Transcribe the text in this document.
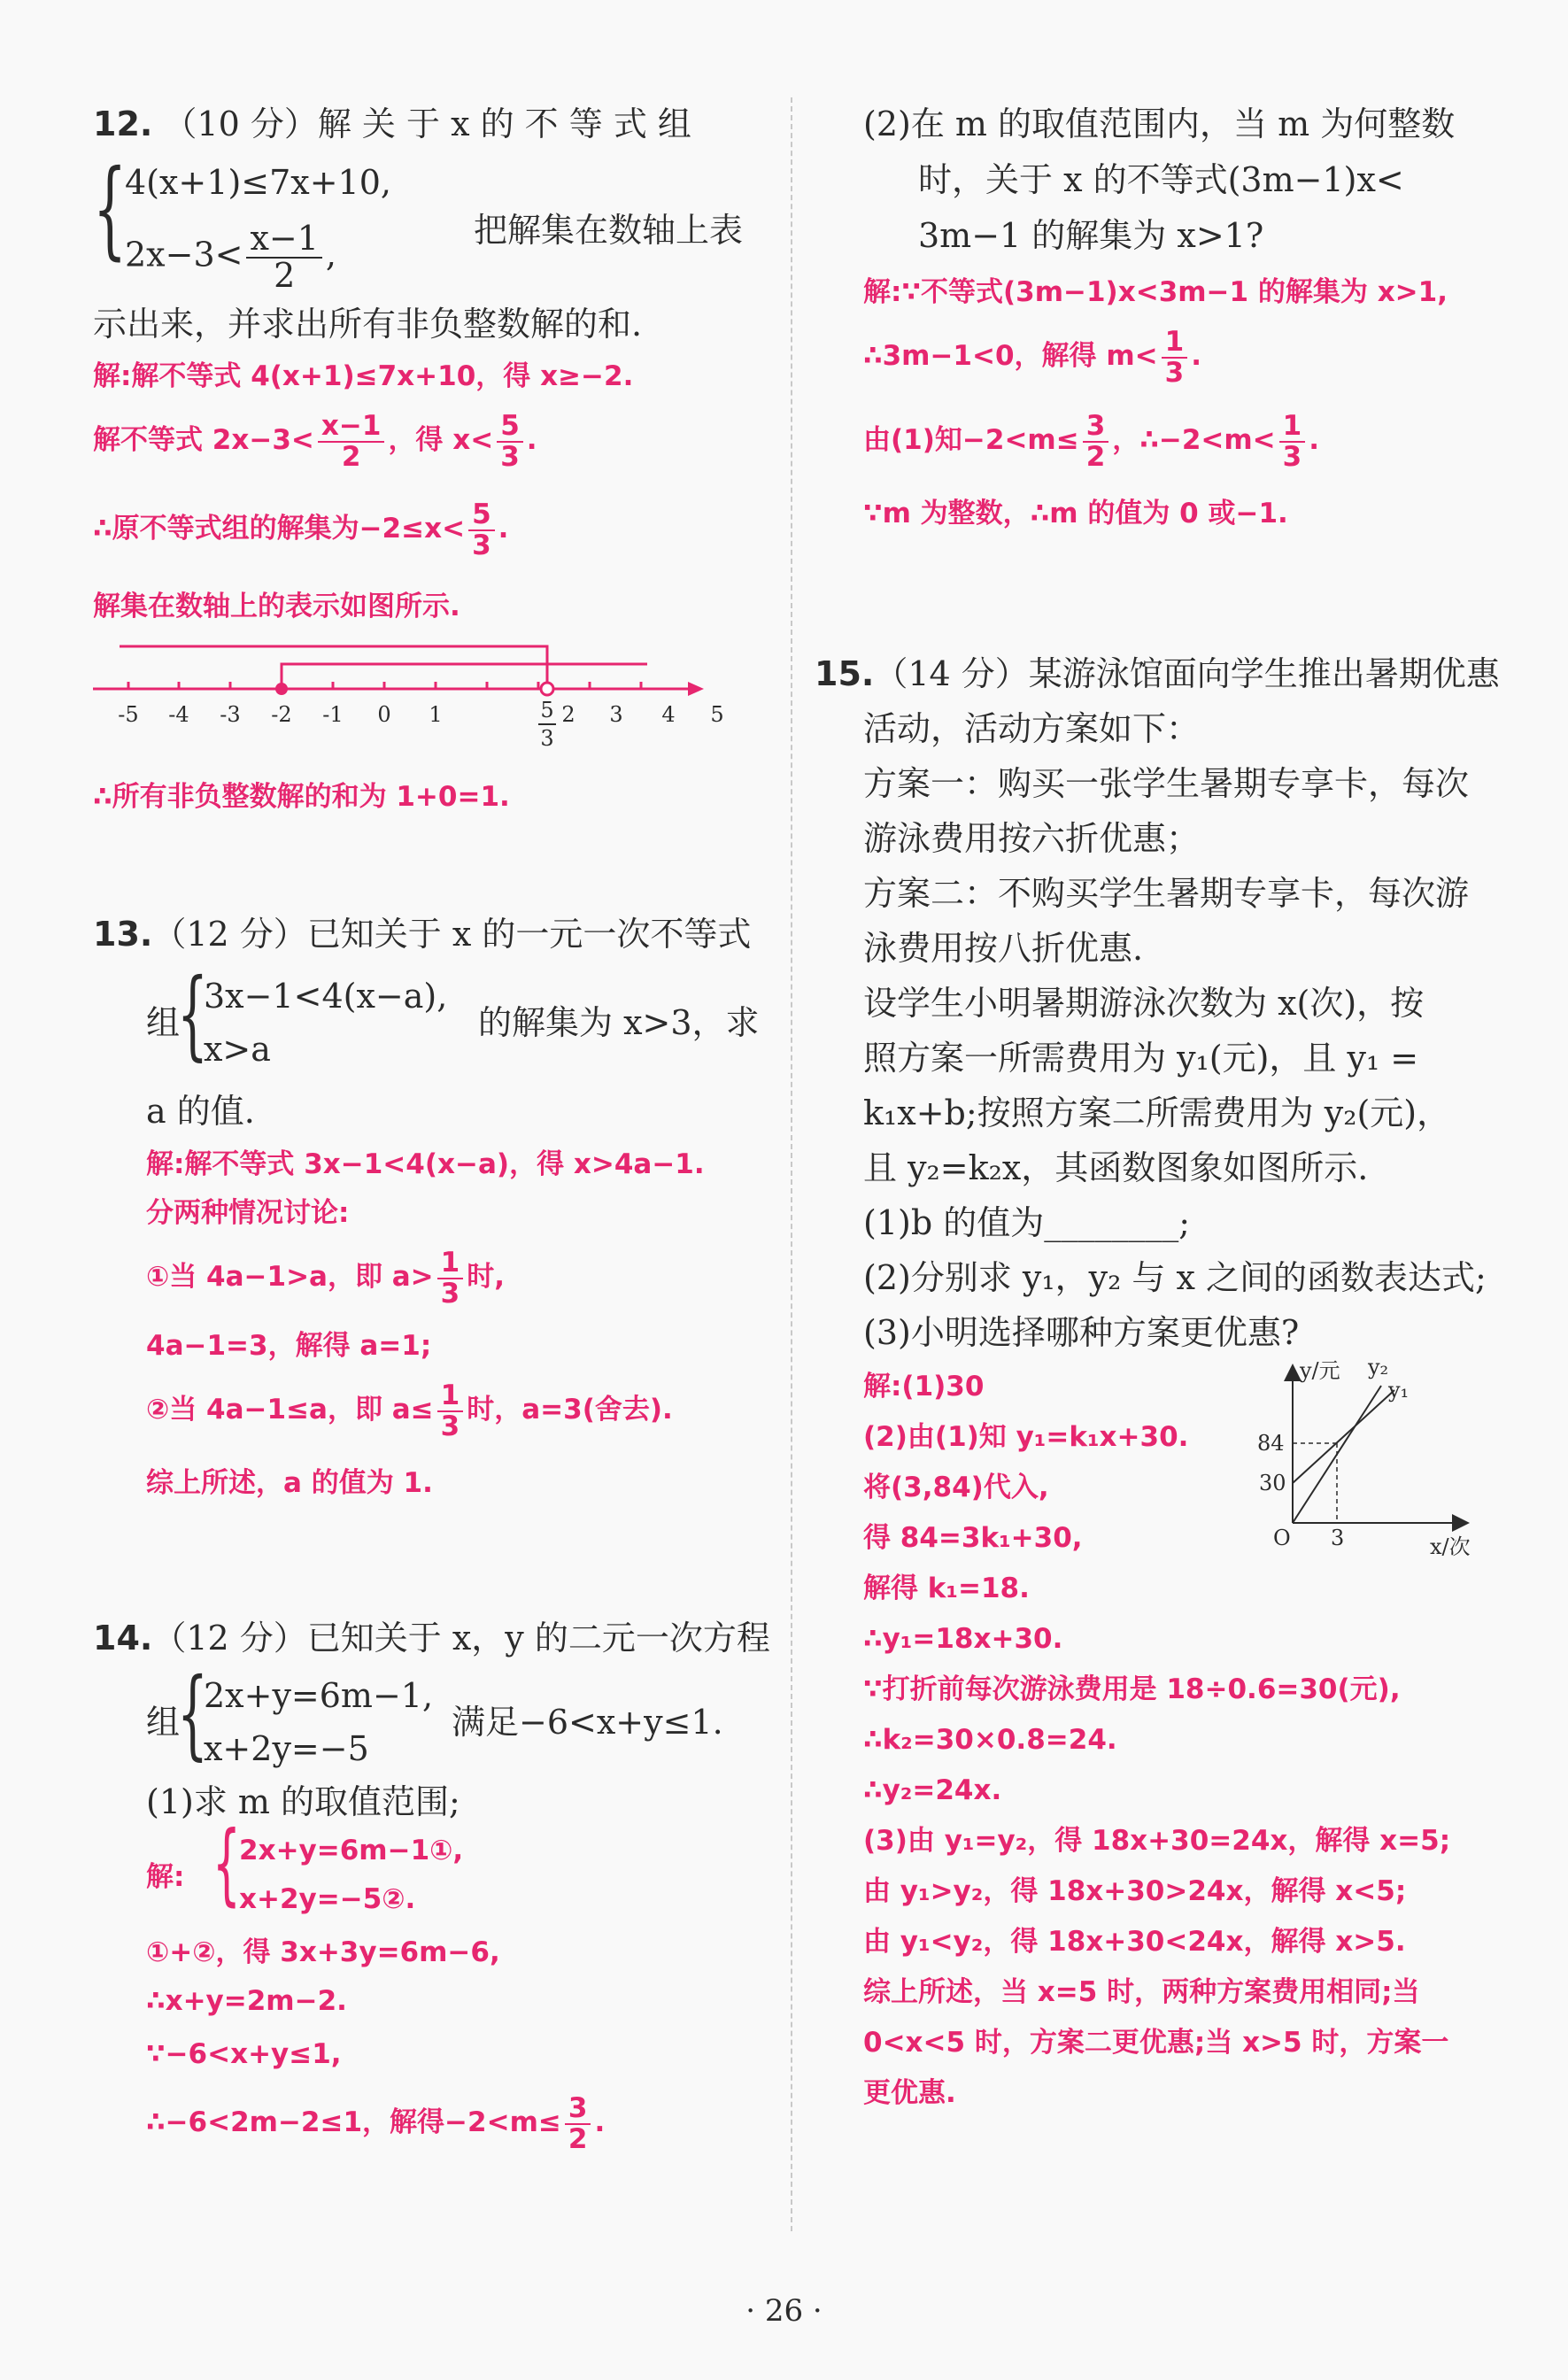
12. （10 分）解 关 于 x 的 不 等 式 组
{
4(x+1)≤7x+10,
$2x-3< \frac{x-1}{2}$ ,
把解集在数轴上表
示出来，并求出所有非负整数解的和.
解:解不等式 4(x+1)≤7x+10，得 x≥−2.
解不等式 $2x-3< \frac{x-1}{2}$ ，得 $x< \frac{5}{3}$ .
∴原不等式组的解集为$-2\le x< \frac{5}{3}$ .
解集在数轴上的表示如图所示.
-5 -4 -3 -2 -1 0 1	5
3
2 3 4 5
∴所有非负整数解的和为 1+0=1.
13.（12 分）已知关于 x 的一元一次不等式
组
{
3x−1<4(x−a),
x>a
的解集为 x>3，求
a 的值.
解:解不等式 3x−1<4(x−a)，得 x>4a−1.
分两种情况讨论:
①当 4a−1>a，即 $a> \frac{1}{3}$ 时,
4a−1=3，解得 a=1;
②当 4a−1≤a，即 $a\le \frac{1}{3}$ 时，a=3(舍去).
综上所述，a 的值为 1.
14.（12 分）已知关于 x，y 的二元一次方程
组
{
2x+y=6m−1,
x+2y=−5
满足−6<x+y≤1.
(1)求 m 的取值范围;
解: {
2x+y=6m−1①,
x+2y=−5②.
①+②，得 3x+3y=6m−6,
∴x+y=2m−2.
∵−6<x+y≤1,
∴−6<2m−2≤1，解得$-2<m\le \frac{3}{2}$ .
(2)在 m 的取值范围内，当 m 为何整数
时，关于 x 的不等式(3m−1)x<
3m−1 的解集为 x>1?
解:∵不等式(3m−1)x<3m−1 的解集为 x>1,
∴3m−1<0，解得 $m< \frac{1}{3}$ .
由(1)知$-2<m\le \frac{3}{2}$ ，∴−2<m< $\frac{1}{3}$ .
∵m 为整数，∴m 的值为 0 或−1.
15.（14 分）某游泳馆面向学生推出暑期优惠
活动，活动方案如下：
方案一：购买一张学生暑期专享卡，每次
游泳费用按六折优惠；
方案二：不购买学生暑期专享卡，每次游
泳费用按八折优惠.
设学生小明暑期游泳次数为 x(次)，按
照方案一所需费用为 y₁(元)，且 y₁ =
k₁x+b;按照方案二所需费用为 y₂(元)，
且 y₂=k₂x，其函数图象如图所示.
(1)b 的值为________;
(2)分别求 y₁，y₂ 与 x 之间的函数表达式;
(3)小明选择哪种方案更优惠?
解:(1)30
(2)由(1)知 y₁=k₁x+30.
将(3,84)代入,
得 84=3k₁+30,
解得 k₁=18.
∴y₁=18x+30.
∵打折前每次游泳费用是 18÷0.6=30(元),
∴k₂=30×0.8=24.
∴y₂=24x.
(3)由 y₁=y₂，得 18x+30=24x，解得 x=5;
由 y₁>y₂，得 18x+30>24x，解得 x<5;
由 y₁<y₂，得 18x+30<24x，解得 x>5.
综上所述，当 x=5 时，两种方案费用相同;当
0<x<5 时，方案二更优惠;当 x>5 时，方案一
更优惠.
y/元
x/次
O
84
30
3
y₂
y₁
· 26 ·
